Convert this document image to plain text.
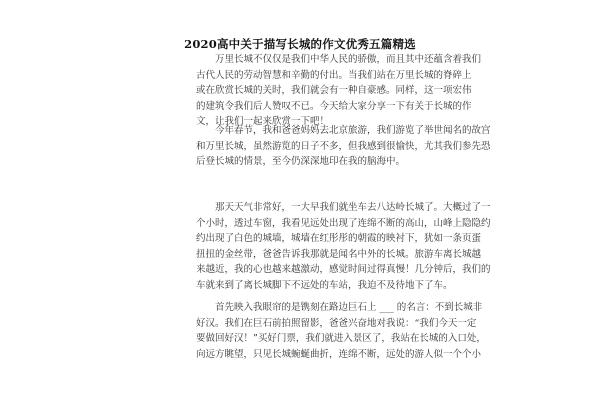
2020高中关于描写长城的作文优秀五篇精选
　　万里长城不仅仅是我们中华人民的骄傲，而且其中还蕴含着我们
古代人民的劳动智慧和辛勤的付出。当我们站在万里长城的脊碎上
或在欣赏长城的关时，我们就会有一种自豪感。同样，这一项宏伟
的建筑令我们后人赞叹不已。今天给大家分享一下有关于长城的作
文，让我们一起来欣赏一下吧！
　　今年春节，我和爸爸妈妈去北京旅游，我们游览了举世闻名的故宫
和万里长城，虽然游览的日子不多，但我感到很愉快，尤其我们参先恐
后登长城的情景，至今仍深深地印在我的脑海中。
　　那天天气非常好，一大早我们就坐车去八达岭长城了。大概过了一
个小时，透过车窗，我看见远处出现了连绵不断的高山，山峰上隐隐约
约出现了白色的城墙，城墙在红彤彤的朝霞的映衬下，犹如一条页蛋
扭扭的金丝带，爸爸告诉我那就是闻名中外的长城。旅游车离长城越
来越近，我的心也越来越激动，感觉时间过得真慢！几分钟后，我们的
车就来到了离长城脚下不远处的车站，我迫不及待地下了车。
　　首先映入我眼帘的是镌刻在路边巨石上 ___ 的名言：不到长城非
好汉。我们在巨石前拍照留影，爸爸兴奋地对我说：“我们今天一定
要做回好汉！”买好门票，我们就进入景区了，我站在长城的入口处，
向远方眺望，只见长城蜿蜒曲折，连绵不断，远处的游人似一个个小
